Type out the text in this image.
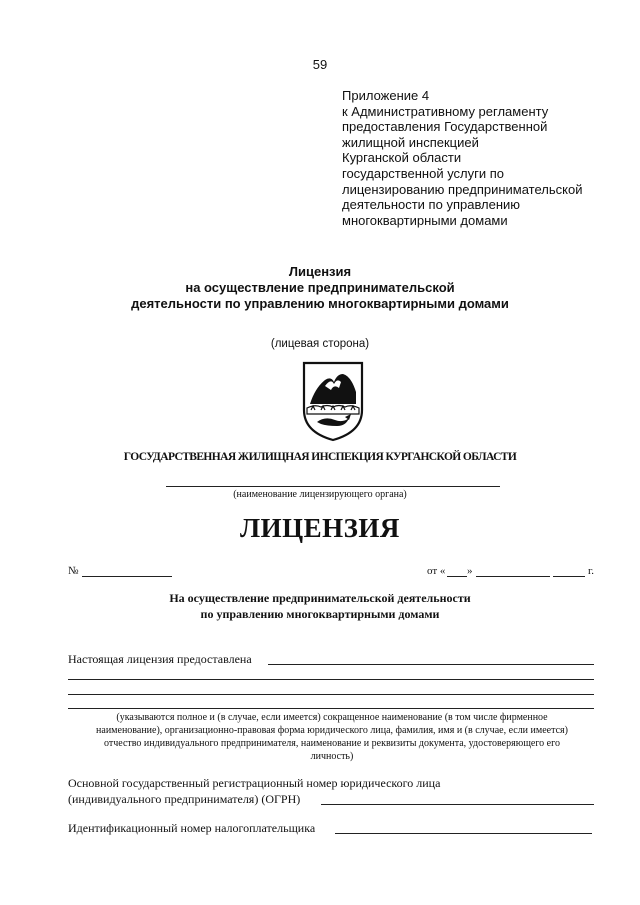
59
Приложение 4
к Административному регламенту
предоставления Государственной
жилищной инспекцией
Курганской области
государственной услуги по
лицензированию предпринимательской
деятельности по управлению
многоквартирными домами
Лицензия
на осуществление предпринимательской
деятельности по управлению многоквартирными домами
(лицевая сторона)
ГОСУДАРСТВЕННАЯ ЖИЛИЩНАЯ ИНСПЕКЦИЯ КУРГАНСКОЙ ОБЛАСТИ
(наименование лицензирующего органа)
ЛИЦЕНЗИЯ
№	от « »	г.
На осуществление предпринимательской деятельности
по управлению многоквартирными домами
Настоящая лицензия предоставлена
(указываются полное и (в случае, если имеется) сокращенное наименование (в том числе фирменное
наименование), организационно-правовая форма юридического лица, фамилия, имя и (в случае, если имеется)
отчество индивидуального предпринимателя, наименование и реквизиты документа, удостоверяющего его
личность)
Основной государственный регистрационный номер юридического лица
(индивидуального предпринимателя) (ОГРН)
Идентификационный номер налогоплательщика
